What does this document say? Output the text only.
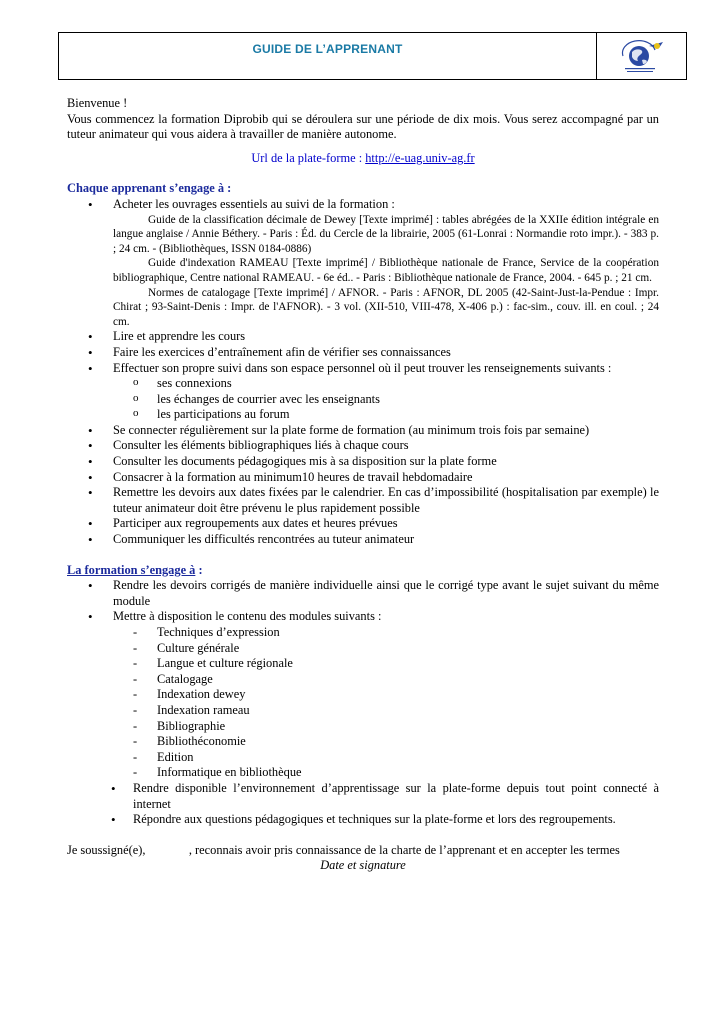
GUIDE DE L’APPRENANT

Bienvenue !

Vous commencez la formation Diprobib qui se déroulera sur une période de dix mois. Vous serez accompagné par un tuteur animateur qui vous aidera à travailler de manière autonome.

Url de la plate-forme : http://e-uag.univ-ag.fr

Chaque apprenant s’engage à :

• Acheter les ouvrages essentiels au suivi de la formation :
Guide de la classification décimale de Dewey [Texte imprimé] : tables abrégées de la XXIIe édition intégrale en langue anglaise / Annie Béthery. - Paris : Éd. du Cercle de la librairie, 2005 (61-Lonrai : Normandie roto impr.). - 383 p. ; 24 cm. - (Bibliothèques, ISSN 0184-0886)
Guide d'indexation RAMEAU [Texte imprimé] / Bibliothèque nationale de France, Service de la coopération bibliographique, Centre national RAMEAU. - 6e éd.. - Paris : Bibliothèque nationale de France, 2004. - 645 p. ; 21 cm.
Normes de catalogage [Texte imprimé] / AFNOR. - Paris : AFNOR, DL 2005 (42-Saint-Just-la-Pendue : Impr. Chirat ; 93-Saint-Denis : Impr. de l'AFNOR). - 3 vol. (XII-510, VIII-478, X-406 p.) : fac-sim., couv. ill. en coul. ; 24 cm.
• Lire et apprendre les cours
• Faire les exercices d’entraînement afin de vérifier ses connaissances
• Effectuer son propre suivi dans son espace personnel où il peut trouver les renseignements suivants :
o ses connexions
o les échanges de courrier avec les enseignants
o les participations au forum
• Se connecter régulièrement sur la plate forme de formation (au minimum trois fois par semaine)
• Consulter les éléments bibliographiques liés à chaque cours
• Consulter les documents pédagogiques mis à sa disposition sur la plate forme
• Consacrer à la formation au minimum10 heures de travail hebdomadaire
• Remettre les devoirs aux dates fixées par le calendrier. En cas d’impossibilité (hospitalisation par exemple) le tuteur animateur doit être prévenu le plus rapidement possible
• Participer aux regroupements aux dates et heures prévues
• Communiquer les difficultés rencontrées au tuteur animateur

La formation s’engage à :

• Rendre les devoirs corrigés de manière individuelle ainsi que le corrigé type avant le sujet suivant du même module
• Mettre à disposition le contenu des modules suivants :
- Techniques d’expression
- Culture générale
- Langue et culture régionale
- Catalogage
- Indexation dewey
- Indexation rameau
- Bibliographie
- Bibliothéconomie
- Edition
- Informatique en bibliothèque
• Rendre disponible l’environnement d’apprentissage sur la plate-forme depuis tout point connecté à internet
• Répondre aux questions pédagogiques et techniques sur la plate-forme et lors des regroupements.

Je soussigné(e),              , reconnais avoir pris connaissance de la charte de l’apprenant et en accepter les termes

Date et signature
